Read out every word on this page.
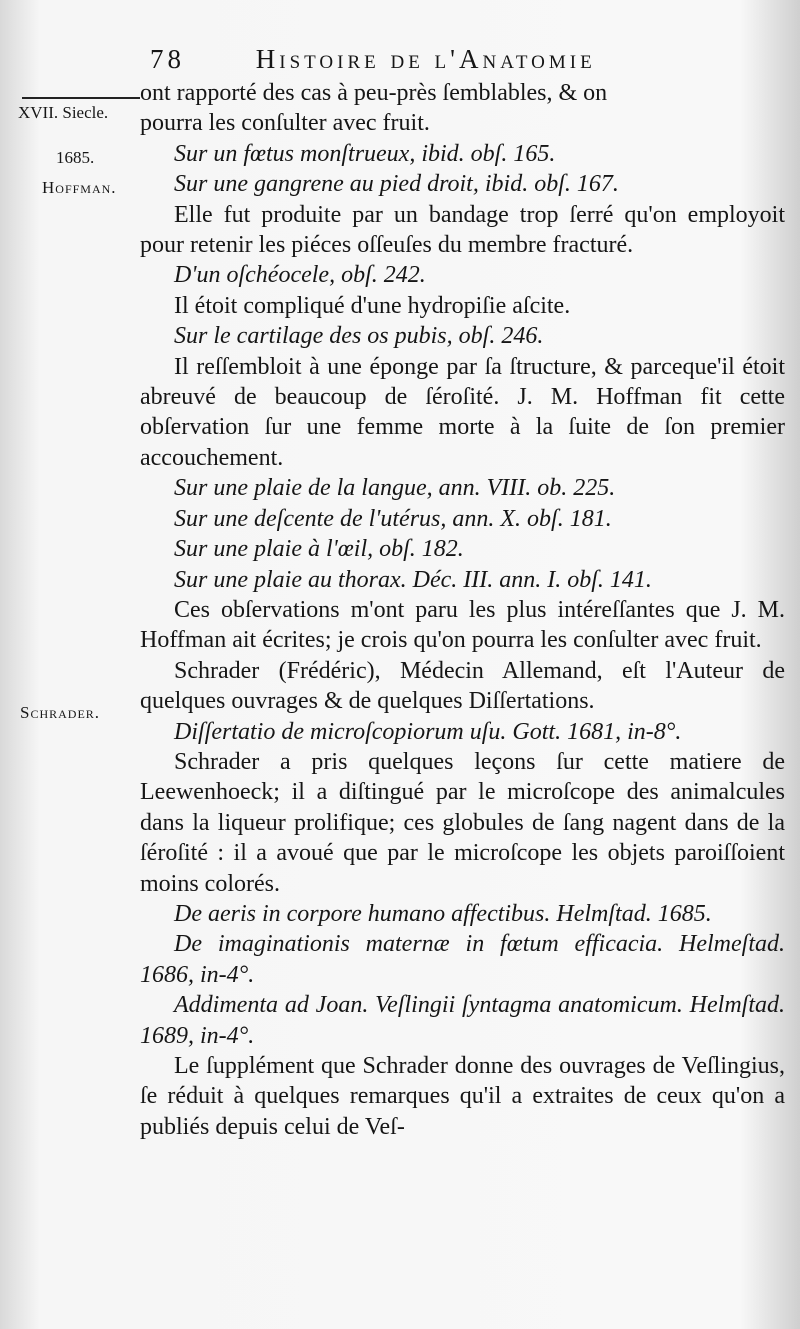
78	Histoire de l'Anatomie
XVII. Siecle.
1685.
Hoffman.
Schrader.

ont rapporté des cas à peu-près ſemblables, & on

pourra les conſulter avec fruit.

Sur un fœtus monſtrueux, ibid. obſ. 165.

Sur une gangrene au pied droit, ibid. obſ. 167.

Elle fut produite par un bandage trop ſerré qu'on employoit pour retenir les piéces oſſeuſes du membre fracturé.

D'un oſchéocele, obſ. 242.

Il étoit compliqué d'une hydropiſie aſcite.

Sur le cartilage des os pubis, obſ. 246.

Il reſſembloit à une éponge par ſa ſtructure, & parceque'il étoit abreuvé de beaucoup de ſéroſité. J. M. Hoffman fit cette obſervation ſur une femme morte à la ſuite de ſon premier accouchement.

Sur une plaie de la langue, ann. VIII. ob. 225.

Sur une deſcente de l'utérus, ann. X. obſ. 181.

Sur une plaie à l'œil, obſ. 182.

Sur une plaie au thorax. Déc. III. ann. I. obſ. 141.

Ces obſervations m'ont paru les plus intéreſſantes que J. M. Hoffman ait écrites; je crois qu'on pourra les conſulter avec fruit.

Schrader (Frédéric), Médecin Allemand, eſt l'Auteur de quelques ouvrages & de quelques Diſſertations.

Diſſertatio de microſcopiorum uſu. Gott. 1681, in-8°.

Schrader a pris quelques leçons ſur cette matiere de Leewenhoeck; il a diſtingué par le microſcope des animalcules dans la liqueur prolifique; ces globules de ſang nagent dans de la ſéroſité : il a avoué que par le microſcope les objets paroiſſoient moins colorés.

De aeris in corpore humano affectibus. Helmſtad. 1685.

De imaginationis maternæ in fœtum efficacia. Helmeſtad. 1686, in-4°.

Addimenta ad Joan. Veſlingii ſyntagma anatomicum. Helmſtad. 1689, in-4°.

Le ſupplément que Schrader donne des ouvrages de Veſlingius, ſe réduit à quelques remarques qu'il a extraites de ceux qu'on a publiés depuis celui de Veſ-
